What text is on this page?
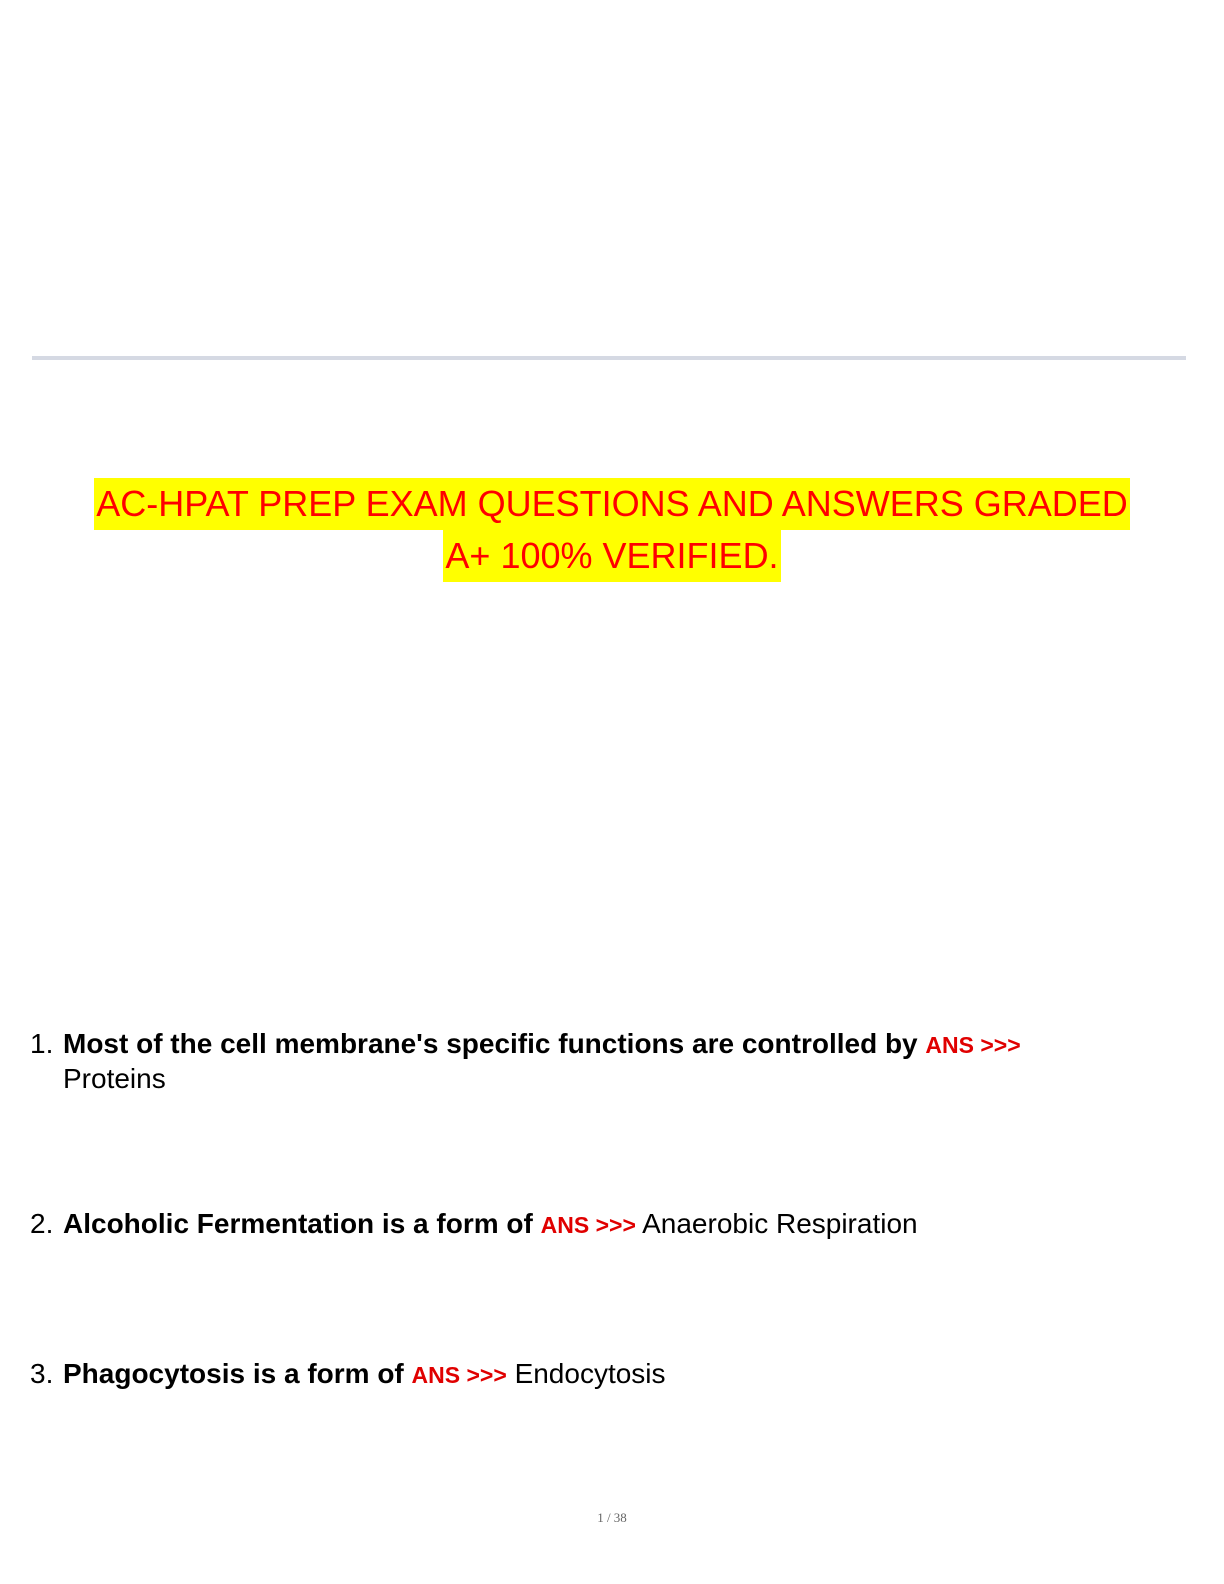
AC-HPAT PREP EXAM QUESTIONS AND ANSWERS GRADED
A+ 100% VERIFIED.
1. Most of the cell membrane's specific functions are controlled by ANS >>>
Proteins
2. Alcoholic Fermentation is a form of ANS >>> Anaerobic Respiration
3. Phagocytosis is a form of ANS >>> Endocytosis
1 / 38
